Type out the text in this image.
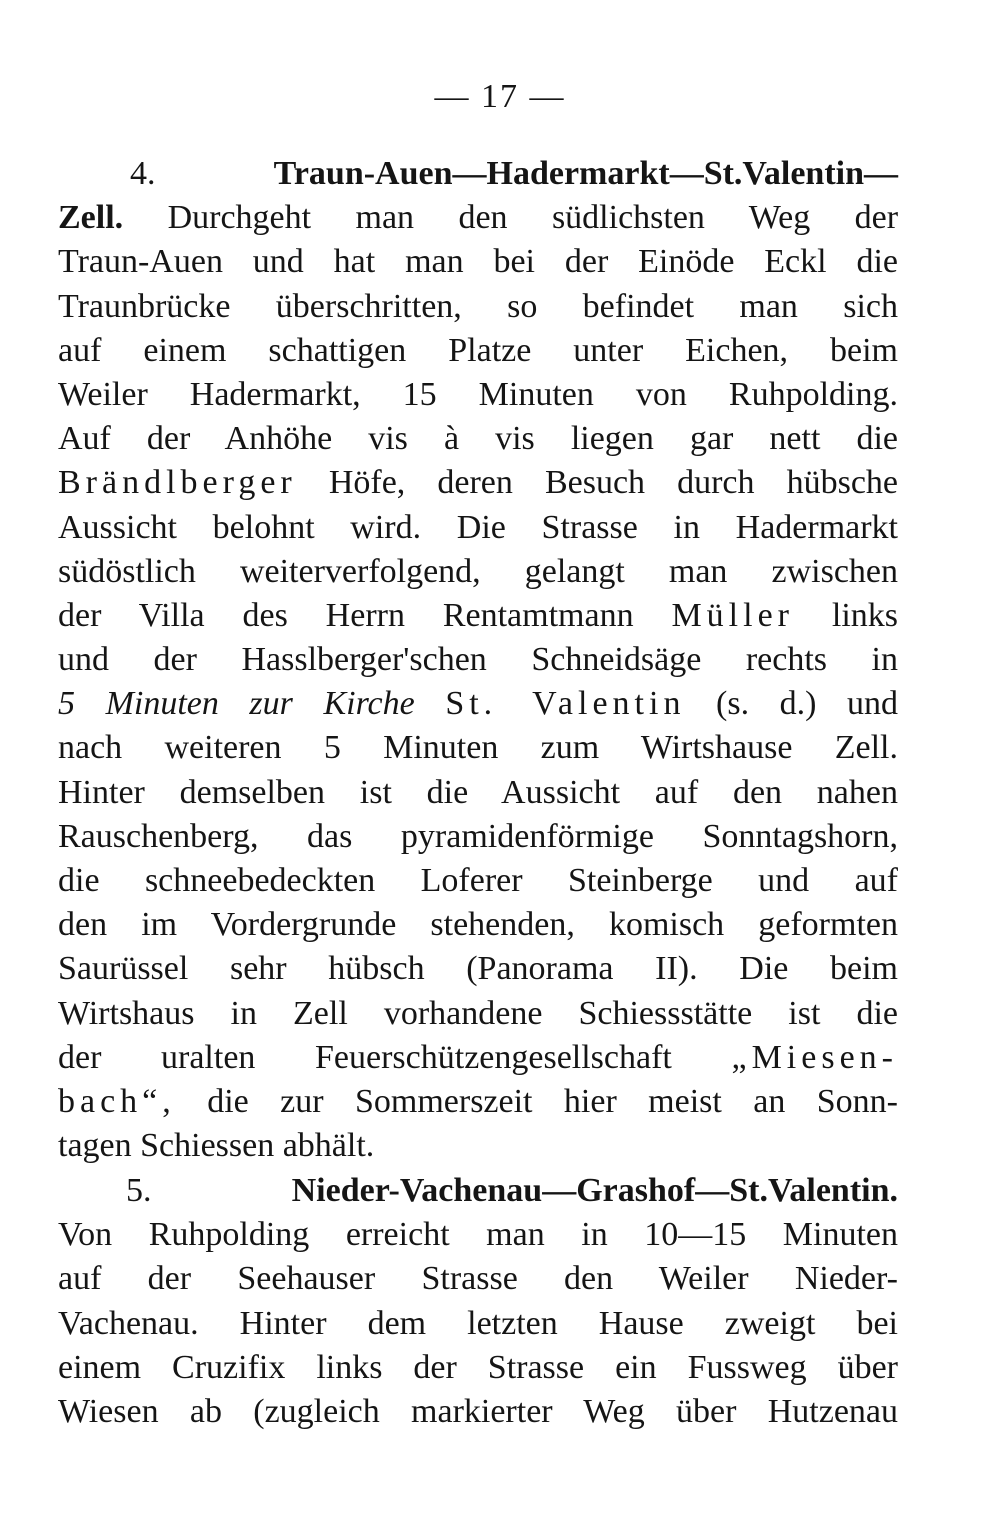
— 17 —
4.	Traun-Auen—Hadermarkt—St.Valentin—
Zell. Durchgeht man den südlichsten Weg der
Traun-Auen und hat man bei der Einöde Eckl die
Traunbrücke überschritten, so befindet man sich
auf einem schattigen Platze unter Eichen, beim
Weiler Hadermarkt, 15 Minuten von Ruhpolding.
Auf der Anhöhe vis à vis liegen gar nett die
Brändlberger Höfe, deren Besuch durch hübsche
Aussicht belohnt wird. Die Strasse in Hadermarkt
südöstlich weiterverfolgend, gelangt man zwischen
der Villa des Herrn Rentamtmann Müller links
und der Hasslberger'schen Schneidsäge rechts in
5 Minuten zur Kirche St. Valentin (s. d.) und
nach weiteren 5 Minuten zum Wirtshause Zell.
Hinter demselben ist die Aussicht auf den nahen
Rauschenberg, das pyramidenförmige Sonntagshorn,
die schneebedeckten Loferer Steinberge und auf
den im Vordergrunde stehenden, komisch geformten
Saurüssel sehr hübsch (Panorama II). Die beim
Wirtshaus in Zell vorhandene Schiessstätte ist die
der uralten Feuerschützengesellschaft „Miesen-
bach“, die zur Sommerszeit hier meist an Sonn-
tagen Schiessen abhält.
5.	Nieder-Vachenau—Grashof—St.Valentin.
Von Ruhpolding erreicht man in 10—15 Minuten
auf der Seehauser Strasse den Weiler Nieder-
Vachenau. Hinter dem letzten Hause zweigt bei
einem Cruzifix links der Strasse ein Fussweg über
Wiesen ab (zugleich markierter Weg über Hutzenau
